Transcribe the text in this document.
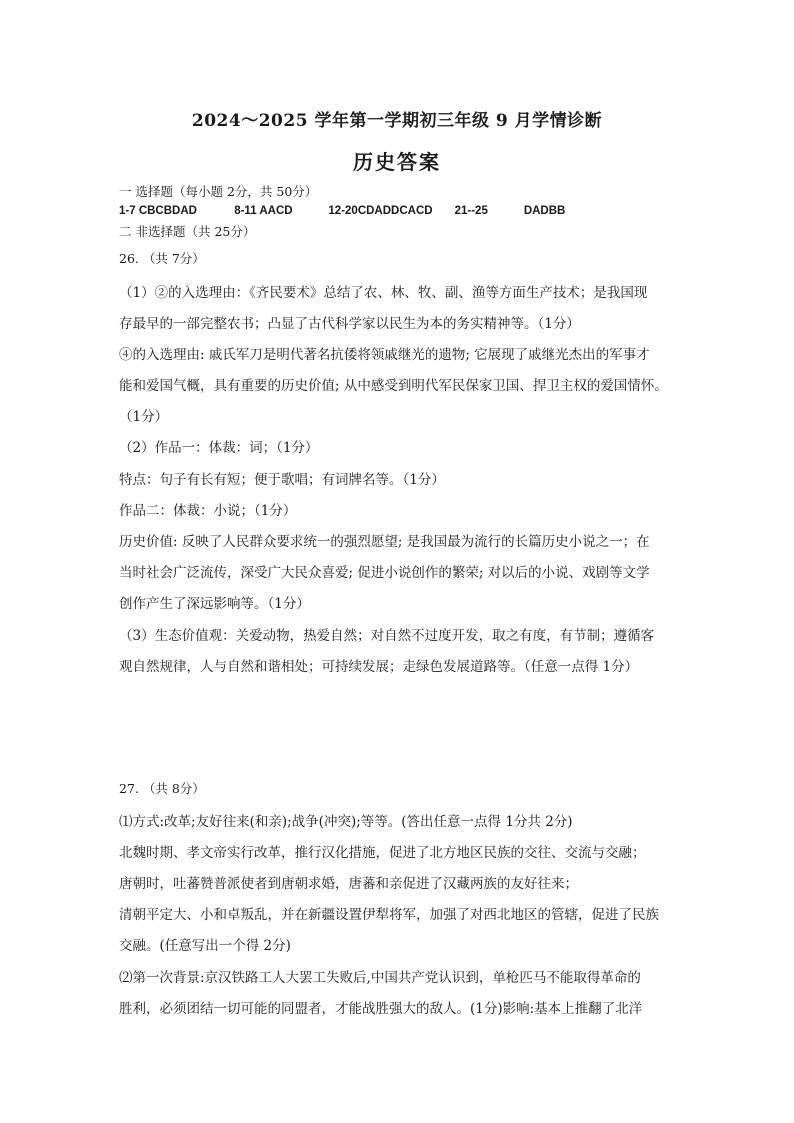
2024～2025 学年第一学期初三年级 9 月学情诊断
历史答案
一 选择题（每小题 2分，共 50分）
1-7 CBCBDAD	8-11 AACD	12-20CDADDCACD 21--25	DADBB
二 非选择题（共 25分）
26. （共 7分）
（1）②的入选理由：《齐民要术》总结了农、林、牧、副、渔等方面生产技术；是我国现
存最早的一部完整农书；凸显了古代科学家以民生为本的务实精神等。（1分）
④的入选理由: 戚氏军刀是明代著名抗倭将领戚继光的遗物; 它展现了戚继光杰出的军事才
能和爱国气概，具有重要的历史价值; 从中感受到明代军民保家卫国、捍卫主权的爱国情怀。
（1分）
（2）作品一：体裁：词；（1分）
特点：句子有长有短；便于歌唱；有词牌名等。（1分）
作品二：体裁：小说；（1分）
历史价值: 反映了人民群众要求统一的强烈愿望; 是我国最为流行的长篇历史小说之一；在
当时社会广泛流传，深受广大民众喜爱; 促进小说创作的繁荣; 对以后的小说、戏剧等文学
创作产生了深远影响等。（1分）
（3）生态价值观：关爱动物，热爱自然；对自然不过度开发，取之有度，有节制；遵循客
观自然规律，人与自然和谐相处；可持续发展；走绿色发展道路等。（任意一点得 1分）
27. （共 8分）
⑴方式:改革;友好往来(和亲);战争(冲突);等等。(答出任意一点得 1分共 2分)
北魏时期、孝文帝实行改革，推行汉化措施，促进了北方地区民族的交往、交流与交融；
唐朝时，吐蕃赞普派使者到唐朝求婚，唐蕃和亲促进了汉藏两族的友好往来；
清朝平定大、小和卓叛乱，并在新疆设置伊犁将军，加强了对西北地区的管辖，促进了民族
交融。(任意写出一个得 2分)
⑵第一次背景:京汉铁路工人大罢工失败后,中国共产党认识到，单枪匹马不能取得革命的
胜利，必须团结一切可能的同盟者，才能战胜强大的敌人。(1分)影响:基本上推翻了北洋
